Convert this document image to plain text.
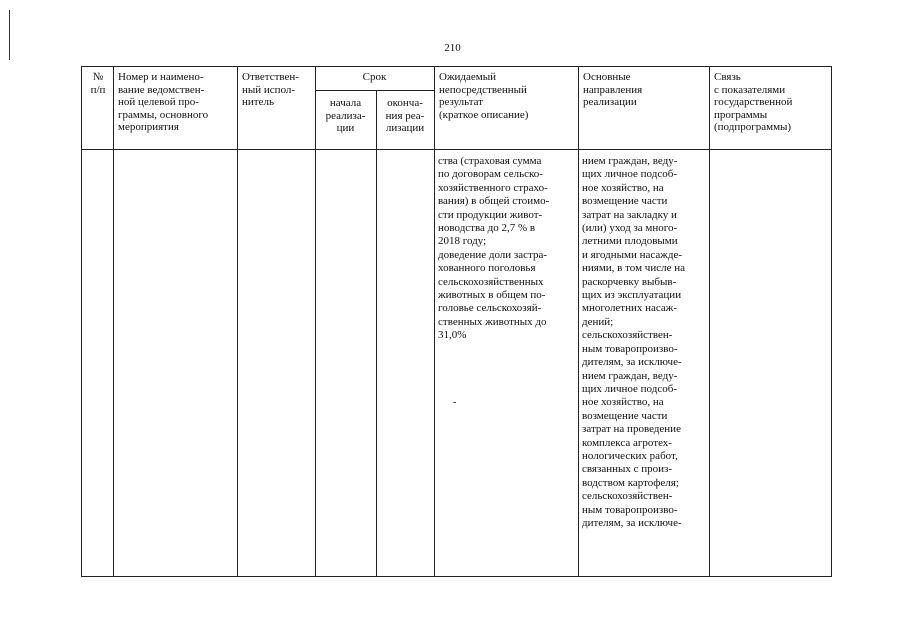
210
№
п/п
Номер и наимено-
вание ведомствен-
ной целевой про-
граммы, основного
мероприятия
Ответствен-
ный испол-
нитель
Срок
начала
реализа-
ции
оконча-
ния реа-
лизации
Ожидаемый
непосредственный
результат
(краткое описание)
Основные
направления
реализации
Связь
с показателями
государственной
программы
(подпрограммы)
ства (страховая сумма
по договорам сельско-
хозяйственного страхо-
вания) в общей стоимо-
сти продукции живот-
новодства до 2,7 % в
2018 году;
доведение доли застра-
хованного поголовья
сельскохозяйственных
животных в общем по-
головье сельскохозяй-
ственных животных до
31,0%
нием граждан, веду-
щих личное подсоб-
ное хозяйство, на
возмещение части
затрат на закладку и
(или) уход за много-
летними плодовыми
и ягодными насажде-
ниями, в том числе на
раскорчевку выбыв-
щих из эксплуатации
многолетних насаж-
дений;
сельскохозяйствен-
ным товаропроизво-
дителям, за исключе-
нием граждан, веду-
щих личное подсоб-
ное хозяйство, на
возмещение части
затрат на проведение
комплекса агротех-
нологических работ,
связанных с произ-
водством картофеля;
сельскохозяйствен-
ным товаропроизво-
дителям, за исключе-
-
